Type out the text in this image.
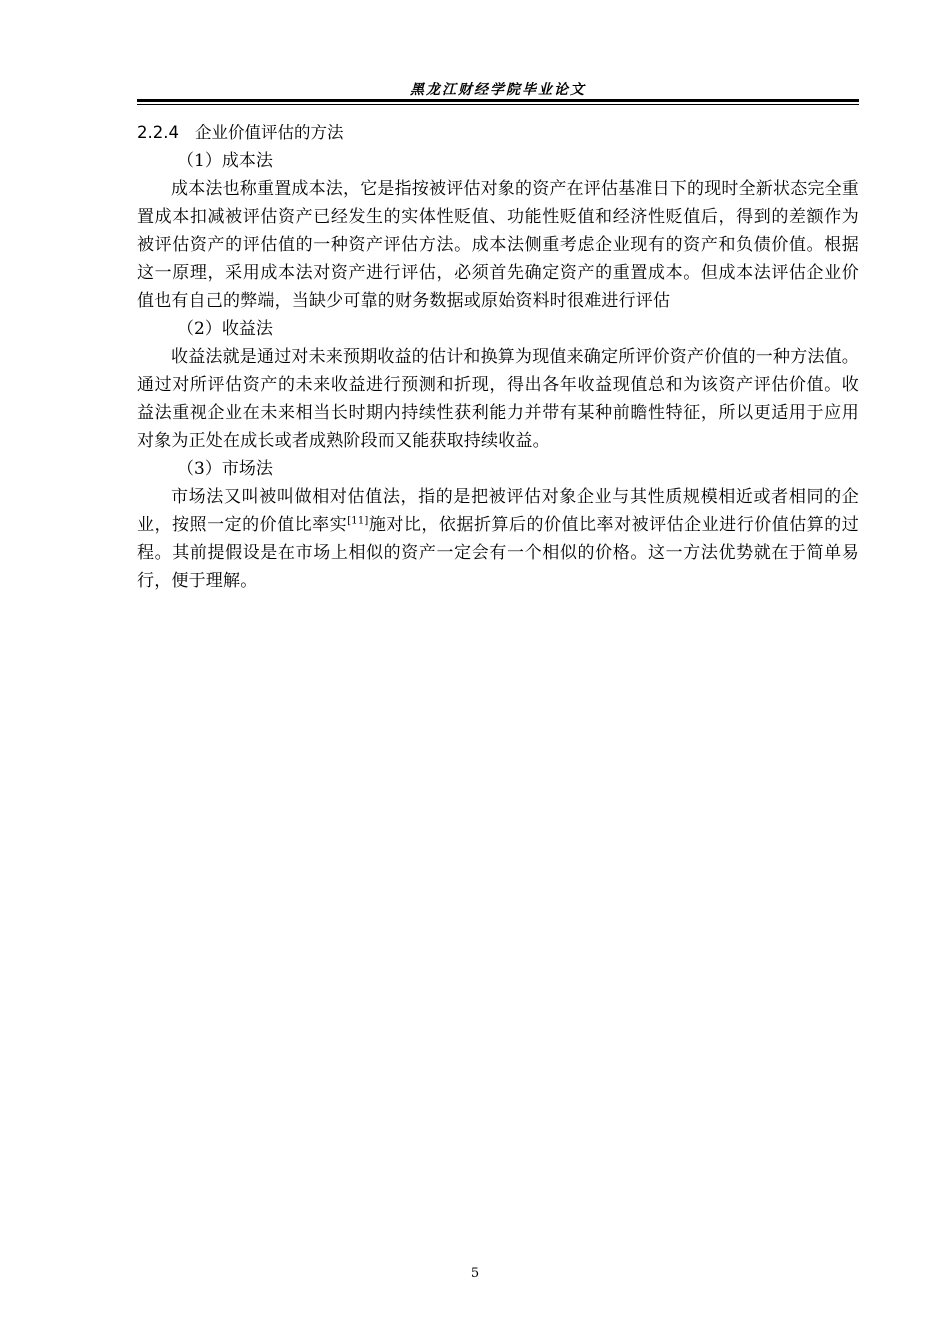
黑龙江财经学院毕业论文
2.2.4 企业价值评估的方法
（1）成本法

成本法也称重置成本法，它是指按被评估对象的资产在评估基准日下的现时全新状态完全重置成本扣减被评估资产已经发生的实体性贬值、功能性贬值和经济性贬值后，得到的差额作为被评估资产的评估值的一种资产评估方法。成本法侧重考虑企业现有的资产和负债价值。根据这一原理，采用成本法对资产进行评估，必须首先确定资产的重置成本。但成本法评估企业价值也有自己的弊端，当缺少可靠的财务数据或原始资料时很难进行评估

（2）收益法

收益法就是通过对未来预期收益的估计和换算为现值来确定所评价资产价值的一种方法值。通过对所评估资产的未来收益进行预测和折现，得出各年收益现值总和为该资产评估价值。收益法重视企业在未来相当长时期内持续性获利能力并带有某种前瞻性特征，所以更适用于应用对象为正处在成长或者成熟阶段而又能获取持续收益。

（3）市场法

市场法又叫被叫做相对估值法，指的是把被评估对象企业与其性质规模相近或者相同的企业，按照一定的价值比率实[11]施对比，依据折算后的价值比率对被评估企业进行价值估算的过程。其前提假设是在市场上相似的资产一定会有一个相似的价格。这一方法优势就在于简单易行，便于理解。

5
